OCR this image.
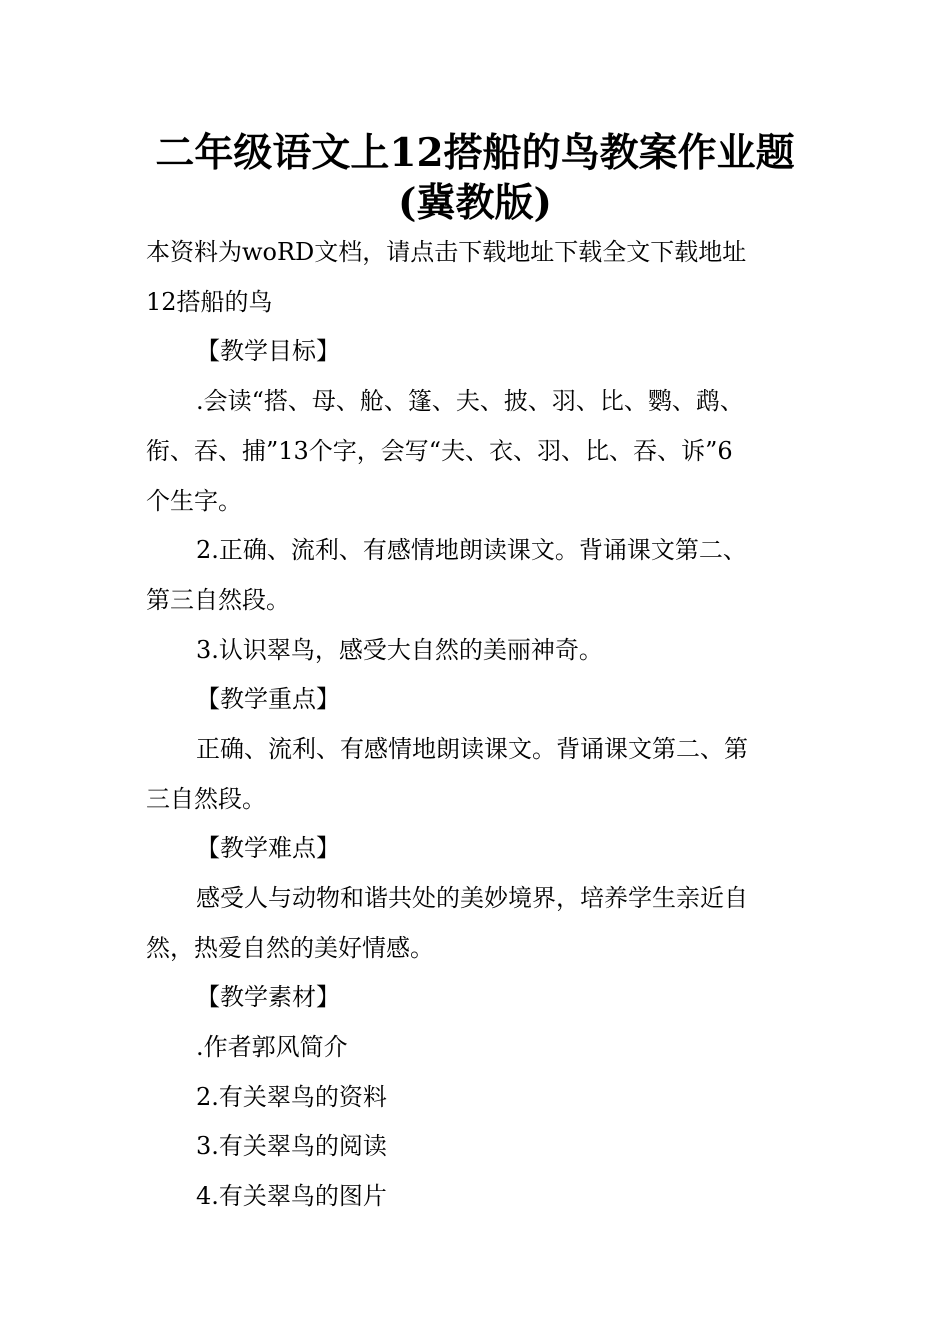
二年级语文上12搭船的鸟教案作业题
(冀教版)

本资料为woRD文档，请点击下载地址下载全文下载地址

12搭船的鸟

【教学目标】

.会读“搭、母、舱、篷、夫、披、羽、比、鹦、鹉、

衔、吞、捕”13个字，会写“夫、衣、羽、比、吞、诉”6

个生字。

2.正确、流利、有感情地朗读课文。背诵课文第二、

第三自然段。

3.认识翠鸟，感受大自然的美丽神奇。

【教学重点】

正确、流利、有感情地朗读课文。背诵课文第二、第

三自然段。

【教学难点】

感受人与动物和谐共处的美妙境界，培养学生亲近自

然，热爱自然的美好情感。

【教学素材】

.作者郭风简介

2.有关翠鸟的资料

3.有关翠鸟的阅读

4.有关翠鸟的图片
